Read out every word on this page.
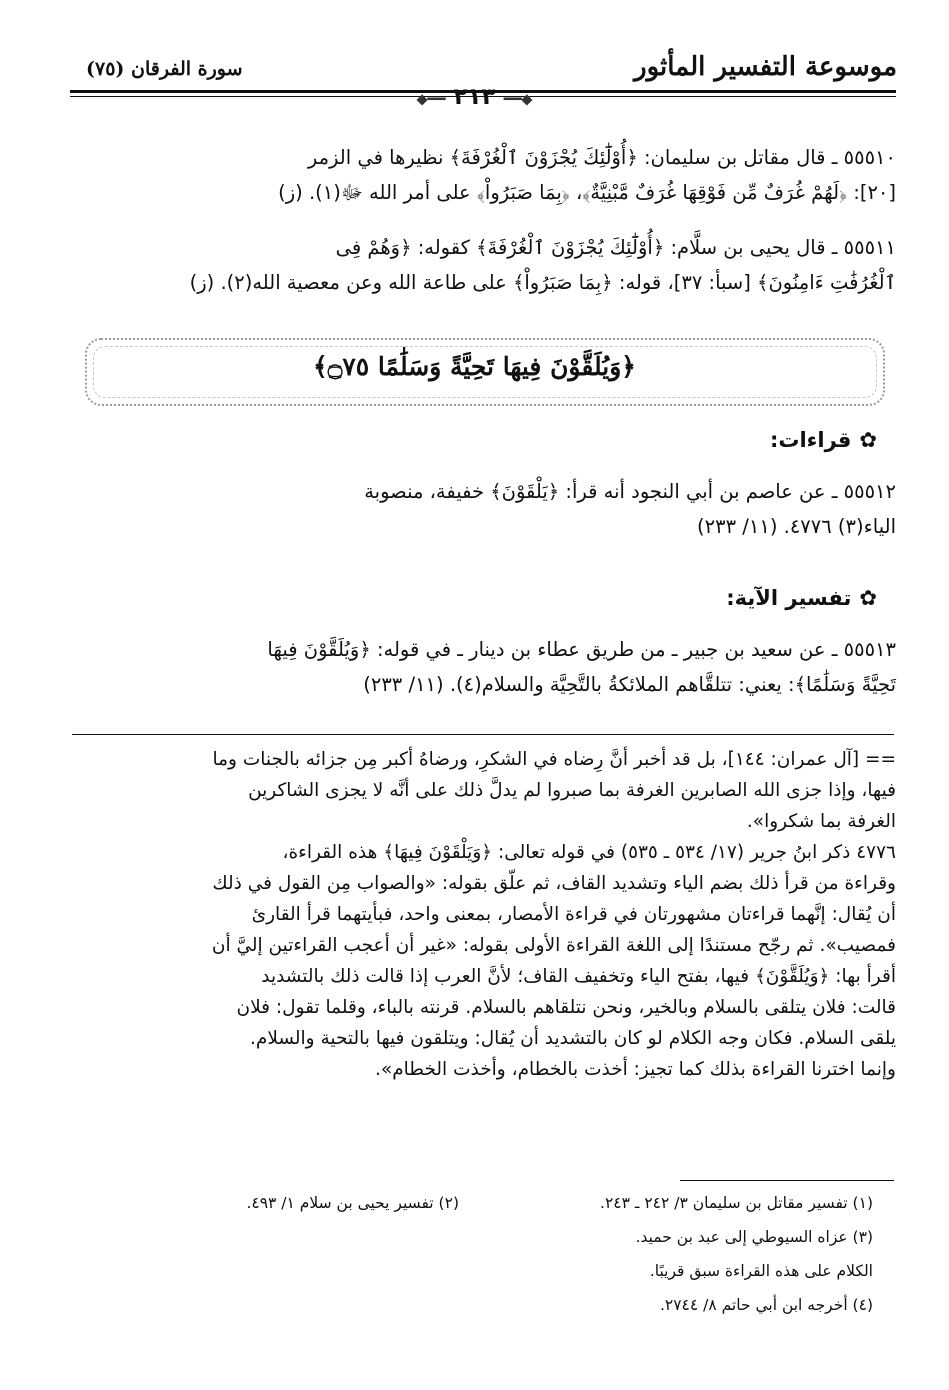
موسوعة التفسير المأثور
سورة الفرقان (٧٥)
⬥━━ ٢١٣ ━━⬥

٥٥٥١٠ ـ قال مقاتل بن سليمان: ﴿أُوْلَٰٓئِكَ يُجْزَوْنَ ٱلْغُرْفَةَ﴾ نظيرها في الزمر

[٢٠]: ﴿لَهُمْ غُرَفٌ مِّن فَوْقِهَا غُرَفٌ مَّبْنِيَّةٌ﴾، ﴿بِمَا صَبَرُواْ﴾ على أمر الله ﷻ(١). (ز)

٥٥٥١١ ـ قال يحيى بن سلَّام: ﴿أُوْلَٰٓئِكَ يُجْزَوْنَ ٱلْغُرْفَةَ﴾ كقوله: ﴿وَهُمْ فِى

ٱلْغُرُفَٰتِ ءَامِنُونَ﴾ [سبأ: ٣٧]، قوله: ﴿بِمَا صَبَرُواْ﴾ على طاعة الله وعن معصية الله(٢). (ز)

﴿وَيُلَقَّوْنَ فِيهَا تَحِيَّةً وَسَلَٰمًا ۝٧٥﴾
✿قراءات:

٥٥٥١٢ ـ عن عاصم بن أبي النجود أنه قرأ: ﴿يَلْقَوْنَ﴾ خفيفة، منصوبة

الياء(٣) ٤٧٧٦. (١١/ ٢٣٣)

✿تفسير الآية:

٥٥٥١٣ ـ عن سعيد بن جبير ـ من طريق عطاء بن دينار ـ في قوله: ﴿وَيُلَقَّوْنَ فِيهَا

تَحِيَّةً وَسَلَٰمًا﴾: يعني: تتلقَّاهم الملائكةُ بالتَّحِيَّة والسلام(٤). (١١/ ٢٣٣)

== [آل عمران: ١٤٤]، بل قد أخبر أنَّ رِضاه في الشكرِ، ورضاهُ أكبر مِن جزائه بالجنات وما

فيها، وإذا جزى الله الصابرين الغرفة بما صبروا لم يدلَّ ذلك على أنَّه لا يجزى الشاكرين

الغرفة بما شكروا».

٤٧٧٦ ذكر ابنُ جرير (١٧/ ٥٣٤ ـ ٥٣٥) في قوله تعالى: ﴿وَيَلْقَوْنَ فِيهَا﴾ هذه القراءة،

وقراءة من قرأ ذلك بضم الياء وتشديد القاف، ثم علّق بقوله: «والصواب مِن القول في ذلك

أن يُقال: إنَّهما قراءتان مشهورتان في قراءة الأمصار، بمعنى واحد، فبأيتهما قرأ القارئ

فمصيب». ثم رجّح مستندًا إلى اللغة القراءة الأولى بقوله: «غير أن أعجب القراءتين إليَّ أن

أقرأ بها: ﴿وَيُلَقَّوْنَ﴾ فيها، بفتح الياء وتخفيف القاف؛ لأنَّ العرب إذا قالت ذلك بالتشديد

قالت: فلان يتلقى بالسلام وبالخير، ونحن نتلقاهم بالسلام. قرنته بالباء، وقلما تقول: فلان

يلقى السلام. فكان وجه الكلام لو كان بالتشديد أن يُقال: ويتلقون فيها بالتحية والسلام.

وإنما اخترنا القراءة بذلك كما تجيز: أخذت بالخطام، وأخذت الخطام».

(١) تفسير مقاتل بن سليمان ٣/ ٢٤٢ ـ ٢٤٣.
(٢) تفسير يحيى بن سلام ١/ ٤٩٣.
(٣) عزاه السيوطي إلى عبد بن حميد.
الكلام على هذه القراءة سبق قريبًا.
(٤) أخرجه ابن أبي حاتم ٨/ ٢٧٤٤.
